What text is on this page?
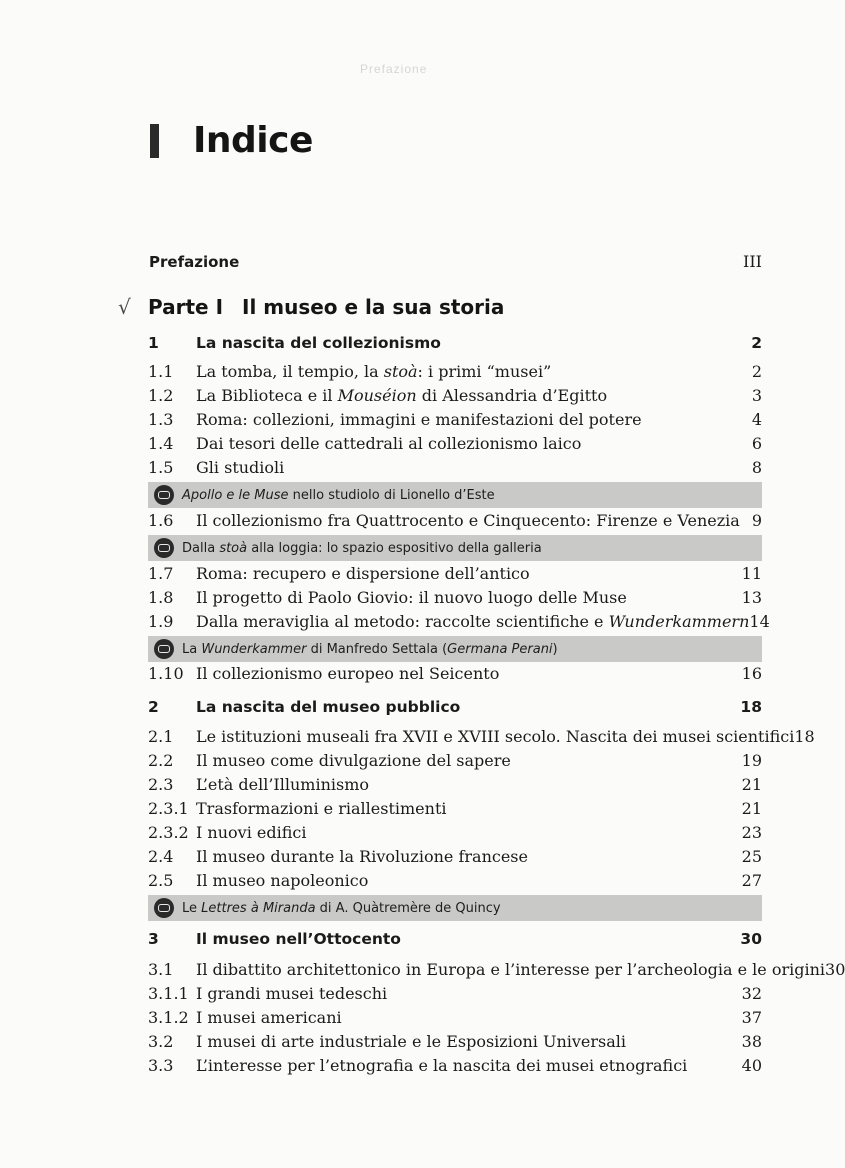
Prefazione
Indice
Prefazione	III
√ Parte I Il museo e la sua storia
1	La nascita del collezionismo	2
1.1	La tomba, il tempio, la stoà: i primi “musei”	2
1.2	La Biblioteca e il Mouséion di Alessandria d’Egitto	3
1.3	Roma: collezioni, immagini e manifestazioni del potere	4
1.4	Dai tesori delle cattedrali al collezionismo laico	6
1.5	Gli studioli	8
Apollo e le Muse nello studiolo di Lionello d’Este
1.6	Il collezionismo fra Quattrocento e Cinquecento: Firenze e Venezia 9
Dalla stoà alla loggia: lo spazio espositivo della galleria
1.7	Roma: recupero e dispersione dell’antico	11
1.8	Il progetto di Paolo Giovio: il nuovo luogo delle Muse	13
1.9	Dalla meraviglia al metodo: raccolte scientifiche e Wunderkammern 14
La Wunderkammer di Manfredo Settala (Germana Perani)
1.10 Il collezionismo europeo nel Seicento	16
2	La nascita del museo pubblico	18
2.1	Le istituzioni museali fra XVII e XVIII secolo. Nascita dei musei scientifici 18
2.2	Il museo come divulgazione del sapere	19
2.3	L’età dell’Illuminismo	21
2.3.1 Trasformazioni e riallestimenti	21
2.3.2 I nuovi edifici	23
2.4	Il museo durante la Rivoluzione francese	25
2.5	Il museo napoleonico	27
Le Lettres à Miranda di A. Quàtremère de Quincy
3	Il museo nell’Ottocento	30
3.1	Il dibattito architettonico in Europa e l’interesse per l’archeologia e le origini 30
3.1.1 I grandi musei tedeschi	32
3.1.2 I musei americani	37
3.2	I musei di arte industriale e le Esposizioni Universali	38
3.3	L’interesse per l’etnografia e la nascita dei musei etnografici	40
